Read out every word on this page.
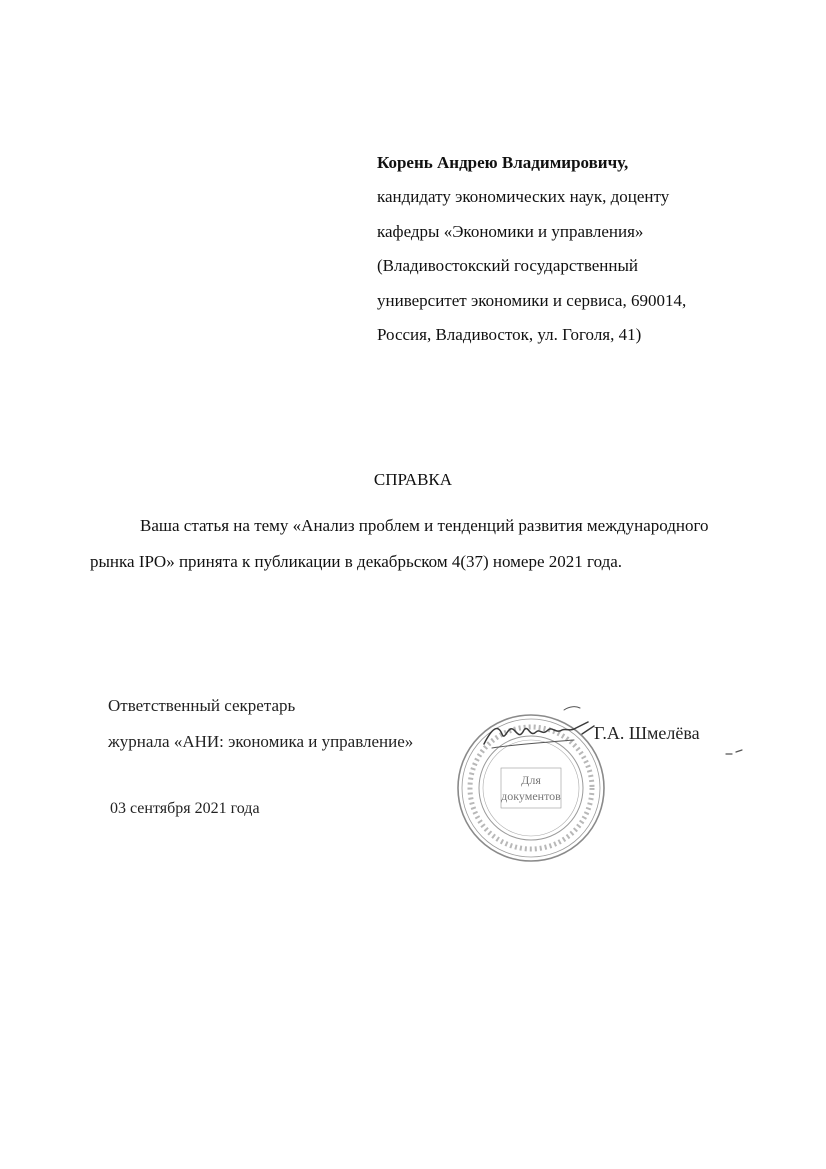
Корень Андрею Владимировичу,
кандидату экономических наук, доценту
кафедры «Экономики и управления»
(Владивостокский государственный
университет экономики и сервиса, 690014,
Россия, Владивосток, ул. Гоголя, 41)
СПРАВКА
Ваша статья на тему «Анализ проблем и тенденций развития международного
рынка IPO» принята к публикации в декабрьском 4(37) номере 2021 года.
Ответственный секретарь
журнала «АНИ: экономика и управление»
Для
документов
Г.А. Шмелёва
03 сентября 2021 года
